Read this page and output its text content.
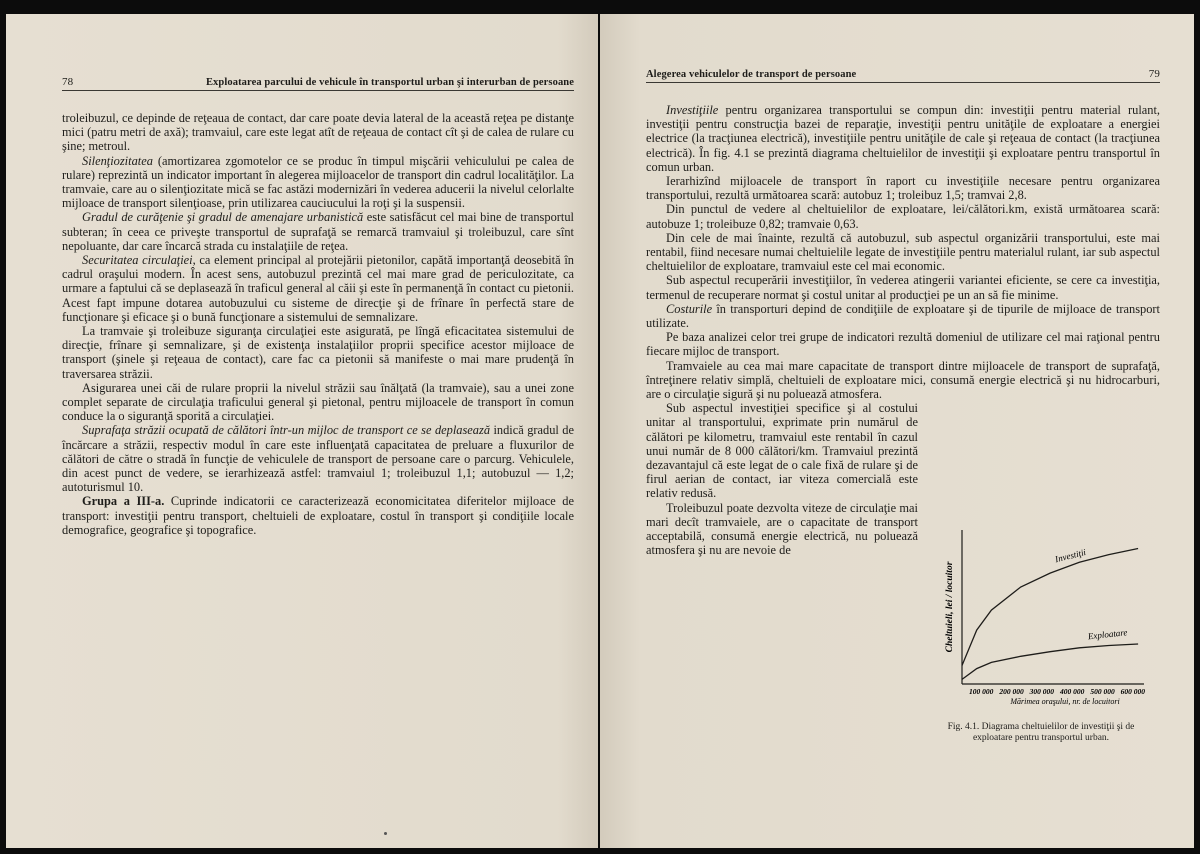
78	Exploatarea parcului de vehicule în transportul urban şi interurban de persoane

troleibuzul, ce depinde de reţeaua de contact, dar care poate devia lateral de la această reţea pe distanţe mici (patru metri de axă); tramvaiul, care este legat atît de reţeaua de contact cît şi de calea de rulare cu şine; metroul.

Silenţiozitatea (amortizarea zgomotelor ce se produc în timpul mişcării vehiculului pe calea de rulare) reprezintă un indicator important în alegerea mijloacelor de transport din cadrul localităţilor. La tramvaie, care au o silenţiozitate mică se fac astăzi modernizări în vederea aducerii la nivelul celorlalte mijloace de transport silenţioase, prin utilizarea cauciucului la roţi şi la suspensii.

Gradul de curăţenie şi gradul de amenajare urbanistică este satisfăcut cel mai bine de transportul subteran; în ceea ce priveşte transportul de suprafaţă se remarcă tramvaiul şi troleibuzul, care sînt nepoluante, dar care încarcă strada cu instalaţiile de reţea.

Securitatea circulaţiei, ca element principal al protejării pietonilor, capătă importanţă deosebită în cadrul oraşului modern. În acest sens, autobuzul prezintă cel mai mare grad de periculozitate, ca urmare a faptului că se deplasează în traficul general al căii şi este în permanenţă în contact cu pietonii. Acest fapt impune dotarea autobuzului cu sisteme de direcţie şi de frînare în perfectă stare de funcţionare şi eficace şi o bună funcţionare a sistemului de semnalizare.

La tramvaie şi troleibuze siguranţa circulaţiei este asigurată, pe lîngă eficacitatea sistemului de direcţie, frînare şi semnalizare, şi de existenţa instalaţiilor proprii specifice acestor mijloace de transport (şinele şi reţeaua de contact), care fac ca pietonii să manifeste o mai mare prudenţă în traversarea străzii.

Asigurarea unei căi de rulare proprii la nivelul străzii sau înălţată (la tramvaie), sau a unei zone complet separate de circulaţia traficului general şi pietonal, pentru mijloacele de transport în comun conduce la o siguranţă sporită a circulaţiei.

Suprafaţa străzii ocupată de călători într-un mijloc de transport ce se deplasează indică gradul de încărcare a străzii, respectiv modul în care este influenţată capacitatea de preluare a fluxurilor de călători de către o stradă în funcţie de vehiculele de transport de persoane care o parcurg. Vehiculele, din acest punct de vedere, se ierarhizează astfel: tramvaiul 1; troleibuzul 1,1; autobuzul — 1,2; autoturismul 10.

Grupa a III-a. Cuprinde indicatorii ce caracterizează economicitatea diferitelor mijloace de transport: investiţii pentru transport, cheltuieli de exploatare, costul în transport şi condiţiile locale demografice, geografice şi topografice.

Alegerea vehiculelor de transport de persoane	79

Investiţiile pentru organizarea transportului se compun din: investiţii pentru material rulant, investiţii pentru construcţia bazei de reparaţie, investiţii pentru unităţile de exploatare a energiei electrice (la tracţiunea electrică), investiţiile pentru unităţile de cale şi reţeaua de contact (la tracţiunea electrică). În fig. 4.1 se prezintă diagrama cheltuielilor de investiţii şi exploatare pentru transportul în comun urban.

Ierarhizînd mijloacele de transport în raport cu investiţiile necesare pentru organizarea transportului, rezultă următoarea scară: autobuz 1; troleibuz 1,5; tramvai 2,8.

Din punctul de vedere al cheltuielilor de exploatare, lei/călători.km, există următoarea scară: autobuze 1; troleibuze 0,82; tramvaie 0,63.

Din cele de mai înainte, rezultă că autobuzul, sub aspectul organizării transportului, este mai rentabil, fiind necesare numai cheltuielile legate de investiţiile pentru materialul rulant, iar sub aspectul cheltuielilor de exploatare, tramvaiul este cel mai economic.

Sub aspectul recuperării investiţiilor, în vederea atingerii variantei eficiente, se cere ca investiţia, termenul de recuperare normat şi costul unitar al producţiei pe un an să fie minime.

Costurile în transporturi depind de condiţiile de exploatare şi de tipurile de mijloace de transport utilizate.

Pe baza analizei celor trei grupe de indicatori rezultă domeniul de utilizare cel mai raţional pentru fiecare mijloc de transport.

Tramvaiele au cea mai mare capacitate de transport dintre mijloacele de transport de suprafaţă, întreţinere relativ simplă, cheltuieli de exploatare mici, consumă energie electrică şi nu hidrocarburi, are o circulaţie sigură şi nu poluează atmosfera.

Sub aspectul investiţiei specifice şi al costului unitar al transportului, exprimate prin numărul de călători pe kilometru, tramvaiul este rentabil în cazul unui număr de 8 000 călători/km. Tramvaiul prezintă dezavantajul că este legat de o cale fixă de rulare şi de firul aerian de contact, iar viteza comercială este relativ redusă.

Troleibuzul poate dezvolta viteze de circulaţie mai mari decît tramvaiele, are o capacitate de transport acceptabilă, consumă energie electrică, nu poluează atmosfera şi nu are nevoie de

Cheltuieli, lei / locuitor
100 000 200 000 300 000 400 000 500 000 600 000
Mărimea oraşului, nr. de locuitori
Investiţii
Exploatare
Fig. 4.1. Diagrama cheltuielilor de investiţii şi de exploatare pentru transportul urban.
